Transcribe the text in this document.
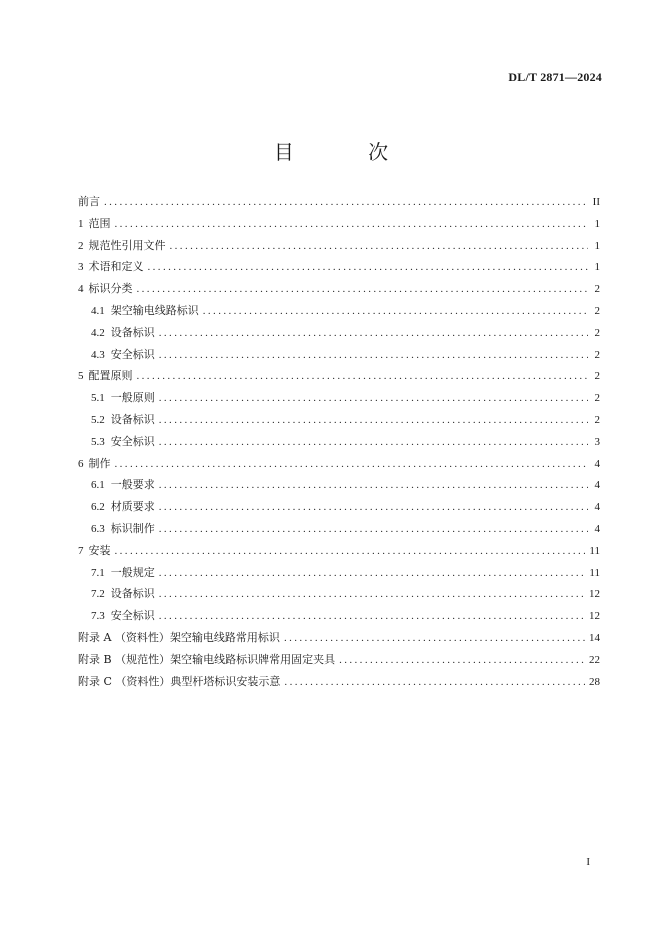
DL/T 2871—2024
目 次
前言 .....	II
1 范围 .....	1
2 规范性引用文件 .....	1
3 术语和定义 .....	1
4 标识分类 .....	2
4.1 架空输电线路标识 .....	2
4.2 设备标识 .....	2
4.3 安全标识 .....	2
5 配置原则 .....	2
5.1 一般原则 .....	2
5.2 设备标识 .....	2
5.3 安全标识 .....	3
6 制作 .....	4
6.1 一般要求 .....	4
6.2 材质要求 .....	4
6.3 标识制作 .....	4
7 安装 .....	11
7.1 一般规定 .....	11
7.2 设备标识 .....	12
7.3 安全标识 .....	12
附录 A （资料性）架空输电线路常用标识 .....	14
附录 B （规范性）架空输电线路标识牌常用固定夹具 .....	22
附录 C （资料性）典型杆塔标识安装示意 .....	28
I
